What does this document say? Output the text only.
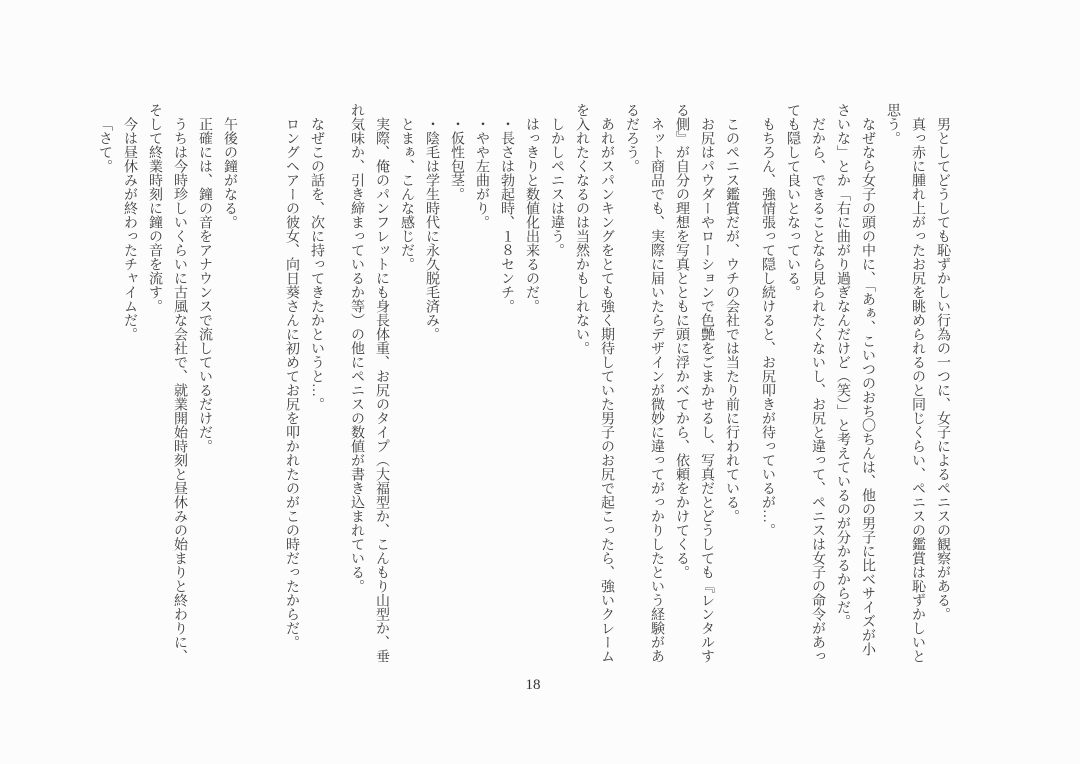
男としてどうしても恥ずかしい行為の一つに、女子によるペニスの観察がある。

真っ赤に腫れ上がったお尻を眺められるのと同じくらい、ペニスの鑑賞は恥ずかしいと思う。

なぜなら女子の頭の中に、「あぁ、こいつのおち〇ちんは、他の男子に比べサイズが小さいな」とか「右に曲がり過ぎなんだけど（笑）」と考えているのが分かるからだ。

だから、できることなら見られたくないし、お尻と違って、ペニスは女子の命令があっても隠して良いとなっている。

もちろん、強情張って隠し続けると、お尻叩きが待っているが…。

このペニス鑑賞だが、ウチの会社では当たり前に行われている。

お尻はパウダーやローションで色艶をごまかせるし、写真だとどうしても『レンタルする側』が自分の理想を写真とともに頭に浮かべてから、依頼をかけてくる。

ネット商品でも、実際に届いたらデザインが微妙に違ってがっかりしたという経験があるだろう。

あれがスパンキングをとても強く期待していた男子のお尻で起こったら、強いクレームを入れたくなるのは当然かもしれない。

しかしペニスは違う。

はっきりと数値化出来るのだ。

・長さは勃起時、１８センチ。

・やや左曲がり。

・仮性包茎。

・陰毛は学生時代に永久脱毛済み。

とまぁ、こんな感じだ。

実際、俺のパンフレットにも身長体重、お尻のタイプ（大福型か、こんもり山型か、垂れ気味か、引き締まっているか等）の他にペニスの数値が書き込まれている。

なぜこの話を、次に持ってきたかというと…。

ロングヘアーの彼女、向日葵さんに初めてお尻を叩かれたのがこの時だったからだ。

午後の鐘がなる。

正確には、鐘の音をアナウンスで流しているだけだ。

うちは今時珍しいくらいに古風な会社で、就業開始時刻と昼休みの始まりと終わりに、そして終業時刻に鐘の音を流す。

今は昼休みが終わったチャイムだ。

「さて。

18
